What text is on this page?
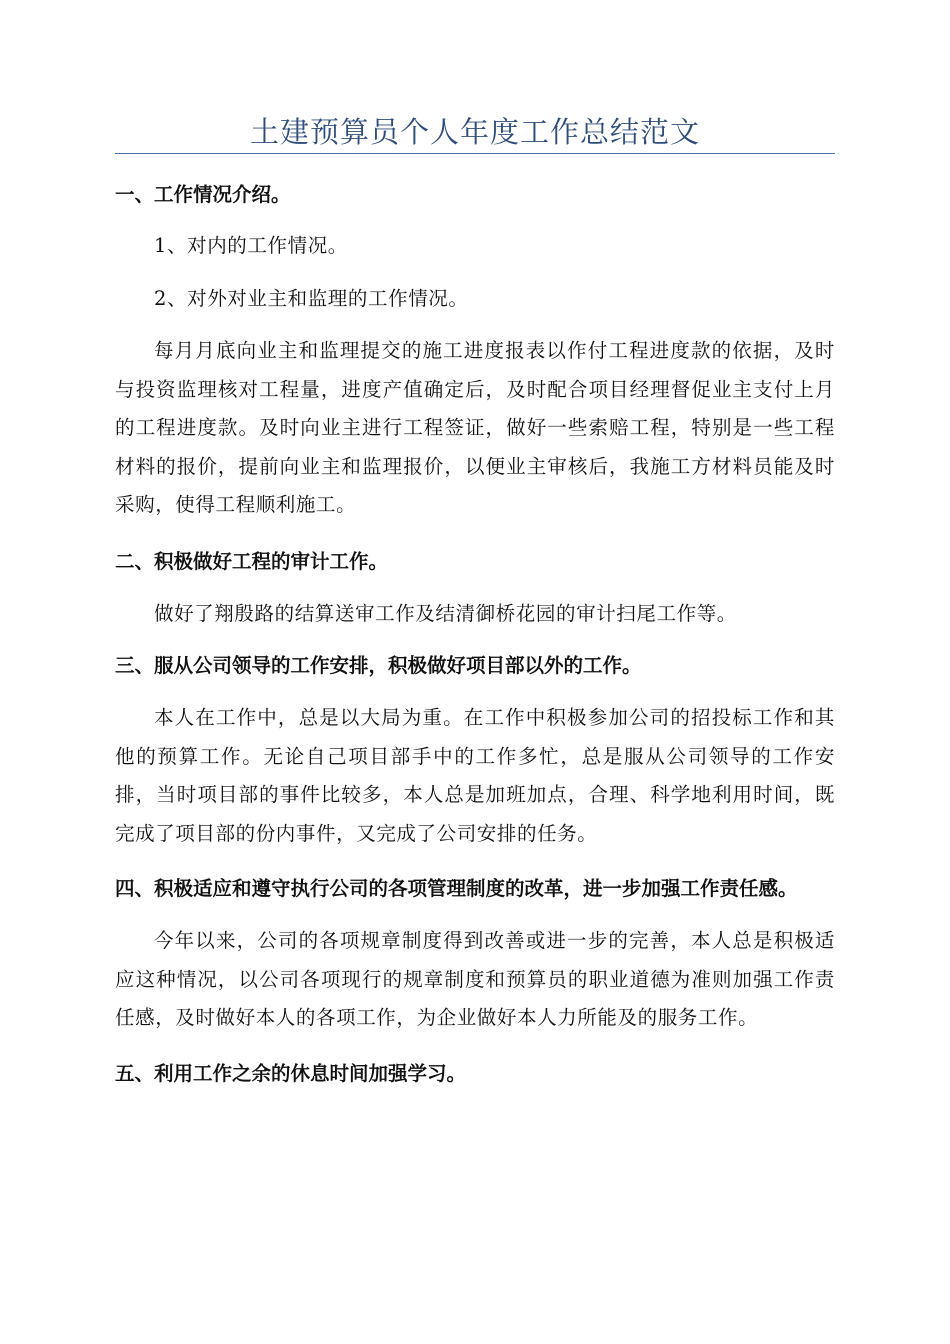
土建预算员个人年度工作总结范文

一、工作情况介绍。

1、对内的工作情况。

2、对外对业主和监理的工作情况。

每月月底向业主和监理提交的施工进度报表以作付工程进度款的依据，及时与投资监理核对工程量，进度产值确定后，及时配合项目经理督促业主支付上月的工程进度款。及时向业主进行工程签证，做好一些索赔工程，特别是一些工程材料的报价，提前向业主和监理报价，以便业主审核后，我施工方材料员能及时采购，使得工程顺利施工。

二、积极做好工程的审计工作。

做好了翔殷路的结算送审工作及结清御桥花园的审计扫尾工作等。

三、服从公司领导的工作安排，积极做好项目部以外的工作。

本人在工作中，总是以大局为重。在工作中积极参加公司的招投标工作和其他的预算工作。无论自己项目部手中的工作多忙，总是服从公司领导的工作安排，当时项目部的事件比较多，本人总是加班加点，合理、科学地利用时间，既完成了项目部的份内事件，又完成了公司安排的任务。

四、积极适应和遵守执行公司的各项管理制度的改革，进一步加强工作责任感。

今年以来，公司的各项规章制度得到改善或进一步的完善，本人总是积极适应这种情况，以公司各项现行的规章制度和预算员的职业道德为准则加强工作责任感，及时做好本人的各项工作，为企业做好本人力所能及的服务工作。

五、利用工作之余的休息时间加强学习。
